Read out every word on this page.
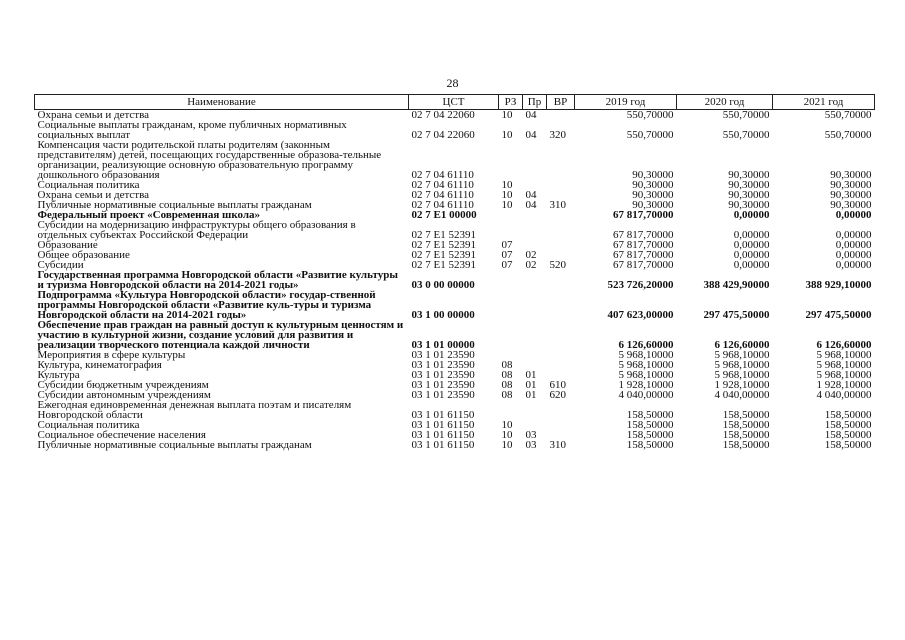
28
Наименование	ЦСТ	РЗ	Пр	ВР	2019 год	2020 год	2021 год
Охрана семьи и детства	02 7 04 22060	10	04		550,70000	550,70000	550,70000
Социальные выплаты гражданам, кроме публичных нормативных социальных выплат	02 7 04 22060	10	04	320	550,70000	550,70000	550,70000
Компенсация части родительской платы родителям (законным представителям) детей, посещающих государственные образова-тельные организации, реализующие основную образовательную программу дошкольного образования	02 7 04 61110				90,30000	90,30000	90,30000
Социальная политика	02 7 04 61110	10			90,30000	90,30000	90,30000
Охрана семьи и детства	02 7 04 61110	10	04		90,30000	90,30000	90,30000
Публичные нормативные социальные выплаты гражданам	02 7 04 61110	10	04	310	90,30000	90,30000	90,30000
Федеральный проект «Современная школа»	02 7 E1 00000				67 817,70000	0,00000	0,00000
Субсидии на модернизацию инфраструктуры общего образования в отдельных субъектах Российской Федерации	02 7 E1 52391				67 817,70000	0,00000	0,00000
Образование	02 7 E1 52391	07			67 817,70000	0,00000	0,00000
Общее образование	02 7 E1 52391	07	02		67 817,70000	0,00000	0,00000
Субсидии	02 7 E1 52391	07	02	520	67 817,70000	0,00000	0,00000
Государственная программа Новгородской области «Развитие культуры и туризма Новгородской области на 2014-2021 годы»	03 0 00 00000				523 726,20000	388 429,90000	388 929,10000
Подпрограмма «Культура Новгородской области» государ-ственной программы Новгородской области «Развитие куль-туры и туризма Новгородской области на 2014-2021 годы»	03 1 00 00000				407 623,00000	297 475,50000	297 475,50000
Обеспечение прав граждан на равный доступ к культурным ценностям и участию в культурной жизни, создание условий для развития и реализации творческого потенциала каждой личности	03 1 01 00000				6 126,60000	6 126,60000	6 126,60000
Мероприятия в сфере культуры	03 1 01 23590				5 968,10000	5 968,10000	5 968,10000
Культура, кинематография	03 1 01 23590	08			5 968,10000	5 968,10000	5 968,10000
Культура	03 1 01 23590	08	01		5 968,10000	5 968,10000	5 968,10000
Субсидии бюджетным учреждениям	03 1 01 23590	08	01	610	1 928,10000	1 928,10000	1 928,10000
Субсидии автономным учреждениям	03 1 01 23590	08	01	620	4 040,00000	4 040,00000	4 040,00000
Ежегодная единовременная денежная выплата поэтам и писателям Новгородской области	03 1 01 61150				158,50000	158,50000	158,50000
Социальная политика	03 1 01 61150	10			158,50000	158,50000	158,50000
Социальное обеспечение населения	03 1 01 61150	10	03		158,50000	158,50000	158,50000
Публичные нормативные социальные выплаты гражданам	03 1 01 61150	10	03	310	158,50000	158,50000	158,50000
